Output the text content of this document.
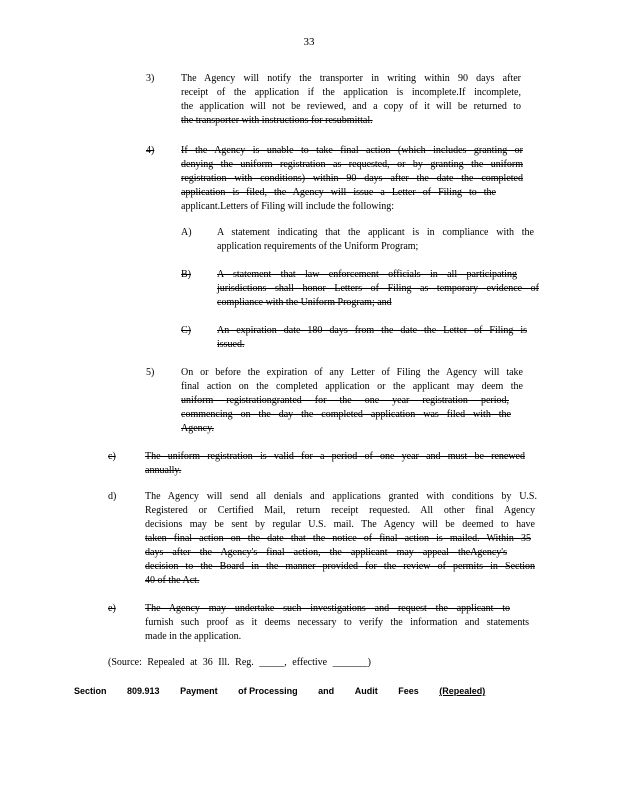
33
3)	The Agency will notify the transporter in writing within 90 days after
receipt of the application if the application is incomplete.If incomplete,
the application will not be reviewed, and a copy of it will be returned to
the transporter with instructions for resubmittal.
4)	If the Agency is unable to take final action (which includes granting or
denying the uniform registration as requested, or by granting the uniform
registration with conditions) within 90 days after the date the completed
application is filed, the Agency will issue a Letter of Filing to the
applicant.Letters of Filing will include the following:
A)	A statement indicating that the applicant is in compliance with the
application requirements of the Uniform Program;
B)	A statement that law enforcement officials in all participating
jurisdictions shall honor Letters of Filing as temporary evidence of
compliance with the Uniform Program; and
C)	An expiration date 180 days from the date the Letter of Filing is
issued.
5)	On or before the expiration of any Letter of Filing the Agency will take
final action on the completed application or the applicant may deem the
uniform registrationgranted for the one year registration period,
commencing on the day the completed application was filed with the
Agency.
c)	The uniform registration is valid for a period of one year and must be renewed
annually.
d)	The Agency will send all denials and applications granted with conditions by U.S.
Registered or Certified Mail, return receipt requested. All other final Agency
decisions may be sent by regular U.S. mail. The Agency will be deemed to have
taken final action on the date that the notice of final action is mailed. Within 35
days after the Agency's final action, the applicant may appeal theAgency's
decision to the Board in the manner provided for the review of permits in Section
40 of the Act.
e)	The Agency may undertake such investigations and request the applicant to
furnish such proof as it deems necessary to verify the information and statements
made in the application.
(Source: Repealed at 36 Ill. Reg. _____, effective _______)
Section 809.913 Payment of Processing and Audit Fees (Repealed)
